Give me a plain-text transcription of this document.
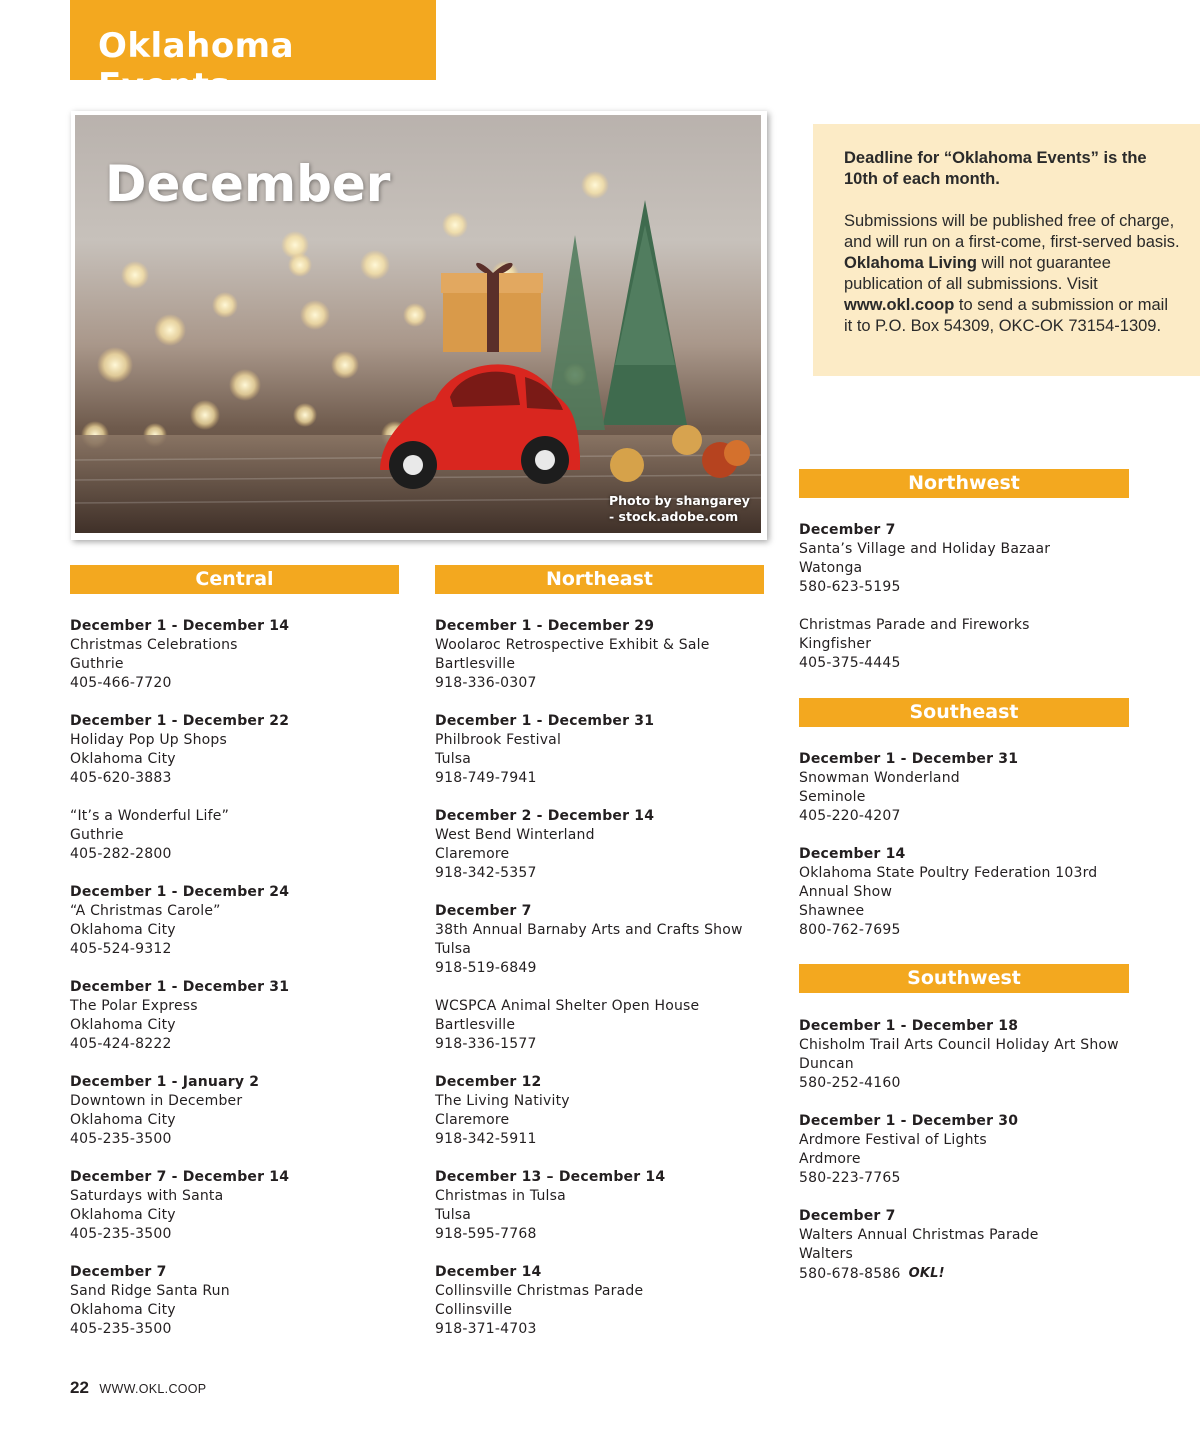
Oklahoma Events
December
Photo by shangarey
- stock.adobe.com

Deadline for “Oklahoma Events” is the 10th of each month.

Submissions will be published free of charge, and will run on a first-come, first-served basis. Oklahoma Living will not guarantee publication of all submissions. Visit www.okl.coop to send a submission or mail it to P.O. Box 54309, OKC-OK 73154-1309.

Central	Northeast
Northwest
Southeast
Southwest
December 1 - December 14
Christmas Celebrations
Guthrie
405-466-7720
December 1 - December 22
Holiday Pop Up Shops
Oklahoma City
405-620-3883
“It’s a Wonderful Life”
Guthrie
405-282-2800
December 1 - December 24
“A Christmas Carole”
Oklahoma City
405-524-9312
December 1 - December 31
The Polar Express
Oklahoma City
405-424-8222
December 1 - January 2
Downtown in December
Oklahoma City
405-235-3500
December 7 - December 14
Saturdays with Santa
Oklahoma City
405-235-3500
December 7
Sand Ridge Santa Run
Oklahoma City
405-235-3500
December 1 - December 29
Woolaroc Retrospective Exhibit & Sale
Bartlesville
918-336-0307
December 1 - December 31
Philbrook Festival
Tulsa
918-749-7941
December 2 - December 14
West Bend Winterland
Claremore
918-342-5357
December 7
38th Annual Barnaby Arts and Crafts Show
Tulsa
918-519-6849
WCSPCA Animal Shelter Open House
Bartlesville
918-336-1577
December 12
The Living Nativity
Claremore
918-342-5911
December 13 – December 14
Christmas in Tulsa
Tulsa
918-595-7768
December 14
Collinsville Christmas Parade
Collinsville
918-371-4703
December 7
Santa’s Village and Holiday Bazaar
Watonga
580-623-5195
Christmas Parade and Fireworks
Kingfisher
405-375-4445
December 1 - December 31
Snowman Wonderland
Seminole
405-220-4207
December 14
Oklahoma State Poultry Federation 103rd
Annual Show
Shawnee
800-762-7695
December 1 - December 18
Chisholm Trail Arts Council Holiday Art Show
Duncan
580-252-4160
December 1 - December 30
Ardmore Festival of Lights
Ardmore
580-223-7765
December 7
Walters Annual Christmas Parade
Walters
580-678-8586 OKL!
22 WWW.OKL.COOP
